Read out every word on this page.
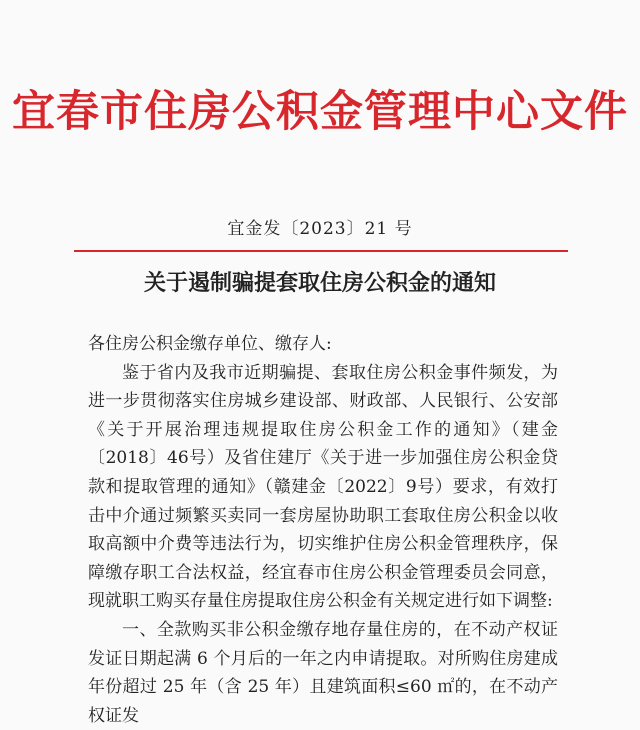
宜春市住房公积金管理中心文件
宜金发〔2023〕21 号
关于遏制骗提套取住房公积金的通知

各住房公积金缴存单位、缴存人:

鉴于省内及我市近期骗提、套取住房公积金事件频发，为进一步贯彻落实住房城乡建设部、财政部、人民银行、公安部《关于开展治理违规提取住房公积金工作的通知》（建金〔2018〕46号）及省住建厅《关于进一步加强住房公积金贷款和提取管理的通知》（赣建金〔2022〕9号）要求，有效打击中介通过频繁买卖同一套房屋协助职工套取住房公积金以收取高额中介费等违法行为，切实维护住房公积金管理秩序，保障缴存职工合法权益，经宜春市住房公积金管理委员会同意，现就职工购买存量住房提取住房公积金有关规定进行如下调整:

一、全款购买非公积金缴存地存量住房的，在不动产权证发证日期起满 6 个月后的一年之内申请提取。对所购住房建成年份超过 25 年（含 25 年）且建筑面积≤60 ㎡的，在不动产权证发
